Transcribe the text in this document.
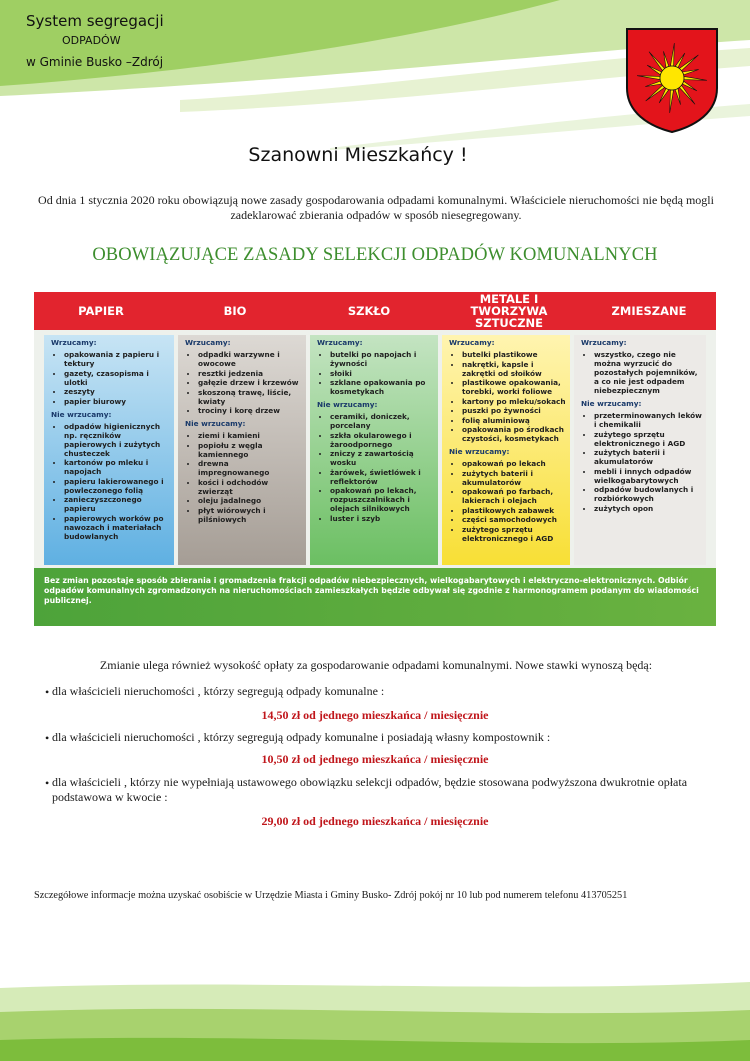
System segregacji
ODPADÓW
w Gminie Busko –Zdrój
Szanowni Mieszkańcy !
Od dnia 1 stycznia 2020 roku obowiązują nowe zasady gospodarowania odpadami komunalnymi. Właściciele nieruchomości nie będą mogli zadeklarować zbierania odpadów w sposób niesegregowany.
OBOWIĄZUJĄCE ZASADY SELEKCJI ODPADÓW KOMUNALNYCH
PAPIER	BIO	SZKŁO
METALE I TWORZYWA SZTUCZNE
ZMIESZANE
Wrzucamy:
• opakowania z papieru i tektury
• gazety, czasopisma i ulotki
• zeszyty
• papier biurowy
Nie wrzucamy:
• odpadów higienicznych np. ręczników papierowych i zużytych chusteczek
• kartonów po mleku i napojach
• papieru lakierowanego i powleczonego folią
• zanieczyszczonego papieru
• papierowych worków po nawozach i materiałach budowlanych
Wrzucamy:
• odpadki warzywne i owocowe
• resztki jedzenia
• gałęzie drzew i krzewów
• skoszoną trawę, liście, kwiaty
• trociny i korę drzew
Nie wrzucamy:
• ziemi i kamieni
• popiołu z węgla kamiennego
• drewna impregnowanego
• kości i odchodów zwierząt
• oleju jadalnego
• płyt wiórowych i pilśniowych
Wrzucamy:
• butelki po napojach i żywności
• słoiki
• szklane opakowania po kosmetykach
Nie wrzucamy:
• ceramiki, doniczek, porcelany
• szkła okularowego i żaroodpornego
• zniczy z zawartością wosku
• żarówek, świetlówek i reflektorów
• opakowań po lekach, rozpuszczalnikach i olejach silnikowych
• luster i szyb
Wrzucamy:
• butelki plastikowe
• nakrętki, kapsle i zakrętki od słoików
• plastikowe opakowania, torebki, worki foliowe
• kartony po mleku/sokach
• puszki po żywności
• folię aluminiową
• opakowania po środkach czystości, kosmetykach
Nie wrzucamy:
• opakowań po lekach
• zużytych baterii i akumulatorów
• opakowań po farbach, lakierach i olejach
• plastikowych zabawek
• części samochodowych
• zużytego sprzętu elektronicznego i AGD
Wrzucamy:
• wszystko, czego nie można wyrzucić do pozostałych pojemników, a co nie jest odpadem niebezpiecznym
Nie wrzucamy:
• przeterminowanych leków i chemikalii
• zużytego sprzętu elektronicznego i AGD
• zużytych baterii i akumulatorów
• mebli i innych odpadów wielkogabarytowych
• odpadów budowlanych i rozbiórkowych
• zużytych opon
Bez zmian pozostaje sposób zbierania i gromadzenia frakcji odpadów niebezpiecznych, wielkogabarytowych i elektryczno-elektronicznych. Odbiór odpadów komunalnych zgromadzonych na nieruchomościach zamieszkałych będzie odbywał się zgodnie z harmonogramem podanym do wiadomości publicznej.
Zmianie ulega również wysokość opłaty za gospodarowanie odpadami komunalnymi. Nowe stawki wynoszą będą:
• dla właścicieli nieruchomości , którzy segregują odpady komunalne :
14,50 zł od jednego mieszkańca / miesięcznie
• dla właścicieli nieruchomości , którzy segregują odpady komunalne i posiadają własny kompostownik :
10,50 zł od jednego mieszkańca / miesięcznie
• dla właścicieli , którzy nie wypełniają ustawowego obowiązku selekcji odpadów, będzie stosowana podwyższona dwukrotnie opłata podstawowa w kwocie :
29,00 zł od jednego mieszkańca / miesięcznie
Szczegółowe informacje można uzyskać osobiście w Urzędzie Miasta i Gminy Busko- Zdrój pokój nr 10 lub pod numerem telefonu 413705251
